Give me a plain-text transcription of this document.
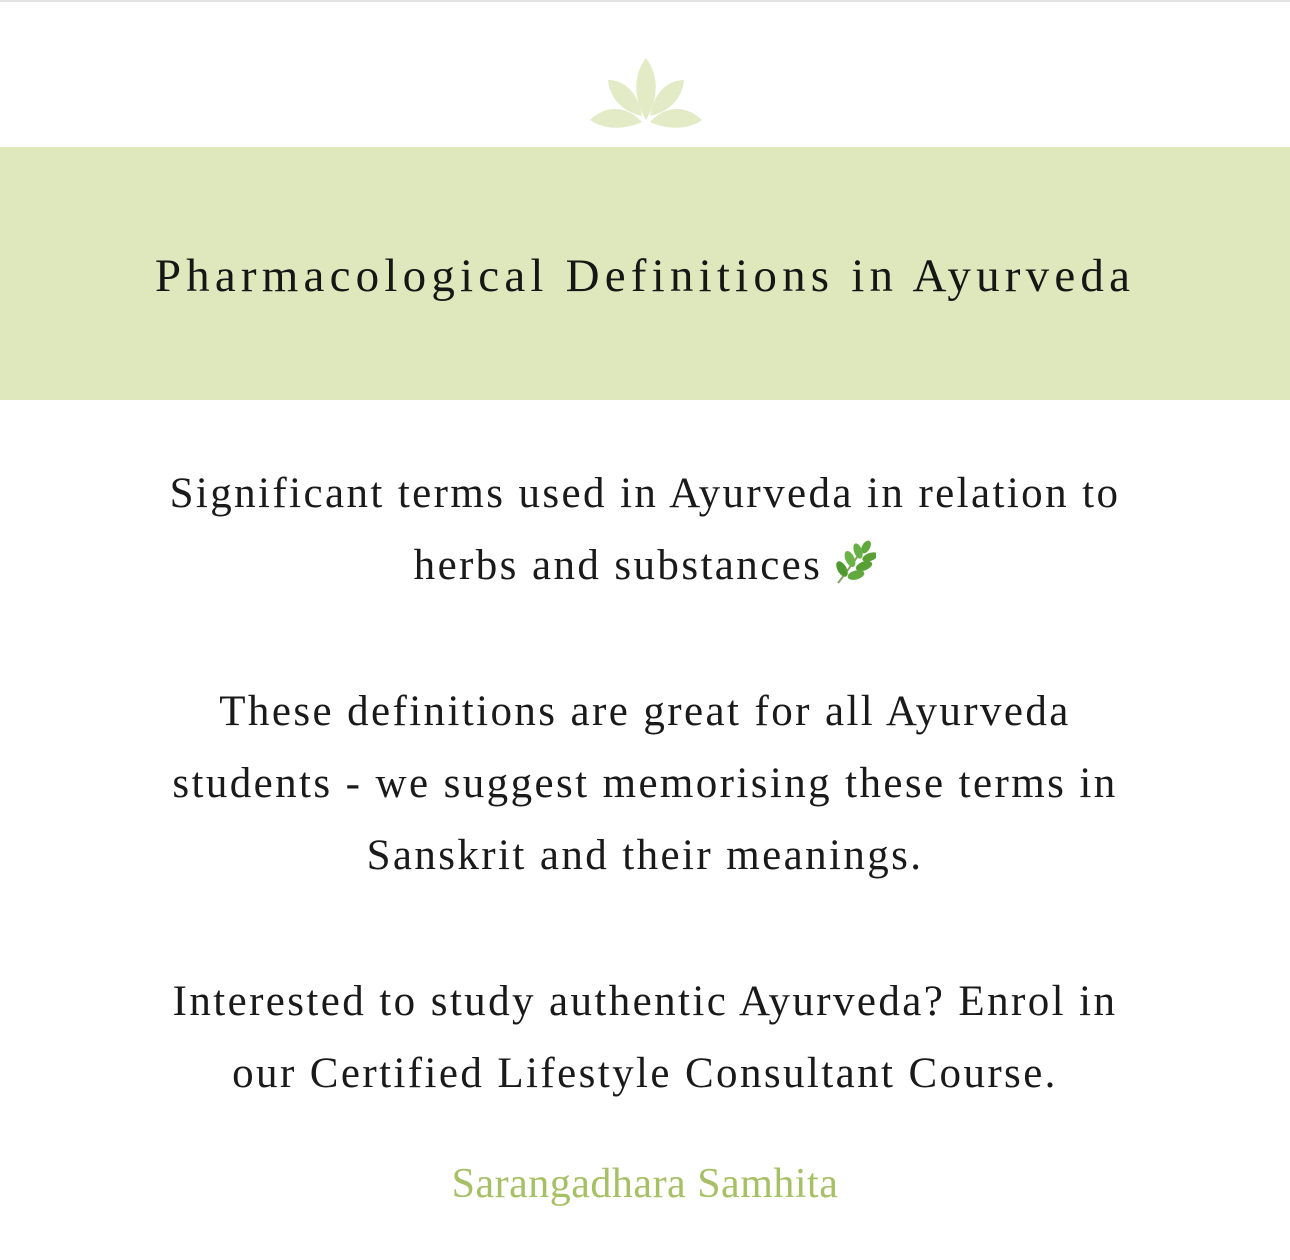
Pharmacological Definitions in Ayurveda

Significant terms used in Ayurveda in relation to

herbs and substances

These definitions are great for all Ayurveda

students - we suggest memorising these terms in

Sanskrit and their meanings.

Interested to study authentic Ayurveda? Enrol in

our Certified Lifestyle Consultant Course.

Sarangadhara Samhita
